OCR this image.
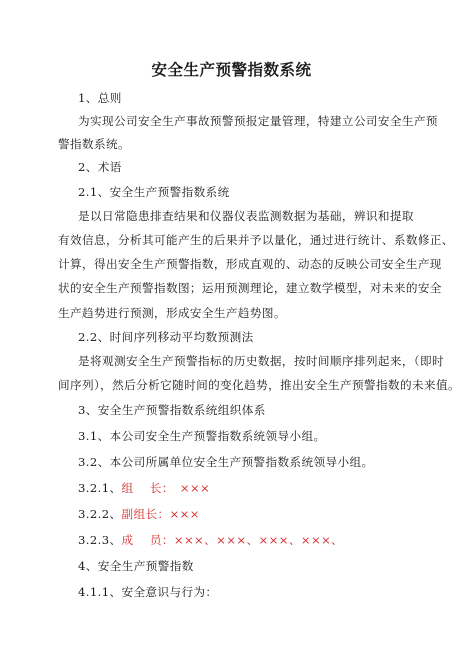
安全生产预警指数系统
1、总则
为实现公司安全生产事故预警预报定量管理，特建立公司安全生产预
警指数系统。
2、术语
2.1、安全生产预警指数系统
是以日常隐患排查结果和仪器仪表监测数据为基础，辨识和提取
有效信息，分析其可能产生的后果并予以量化，通过进行统计、系数修正、
计算，得出安全生产预警指数，形成直观的、动态的反映公司安全生产现
状的安全生产预警指数图；运用预测理论，建立数学模型，对未来的安全
生产趋势进行预测，形成安全生产趋势图。
2.2、时间序列移动平均数预测法
是将观测安全生产预警指标的历史数据，按时间顺序排列起来，（即时
间序列），然后分析它随时间的变化趋势，推出安全生产预警指数的未来值。
3、安全生产预警指数系统组织体系
3.1、本公司安全生产预警指数系统领导小组。
3.2、本公司所属单位安全生产预警指数系统领导小组。
3.2.1、组    长： ×××
3.2.2、副组长：×××
3.2.3、成    员：×××、×××、×××、×××、
4、安全生产预警指数
4.1.1、安全意识与行为：
